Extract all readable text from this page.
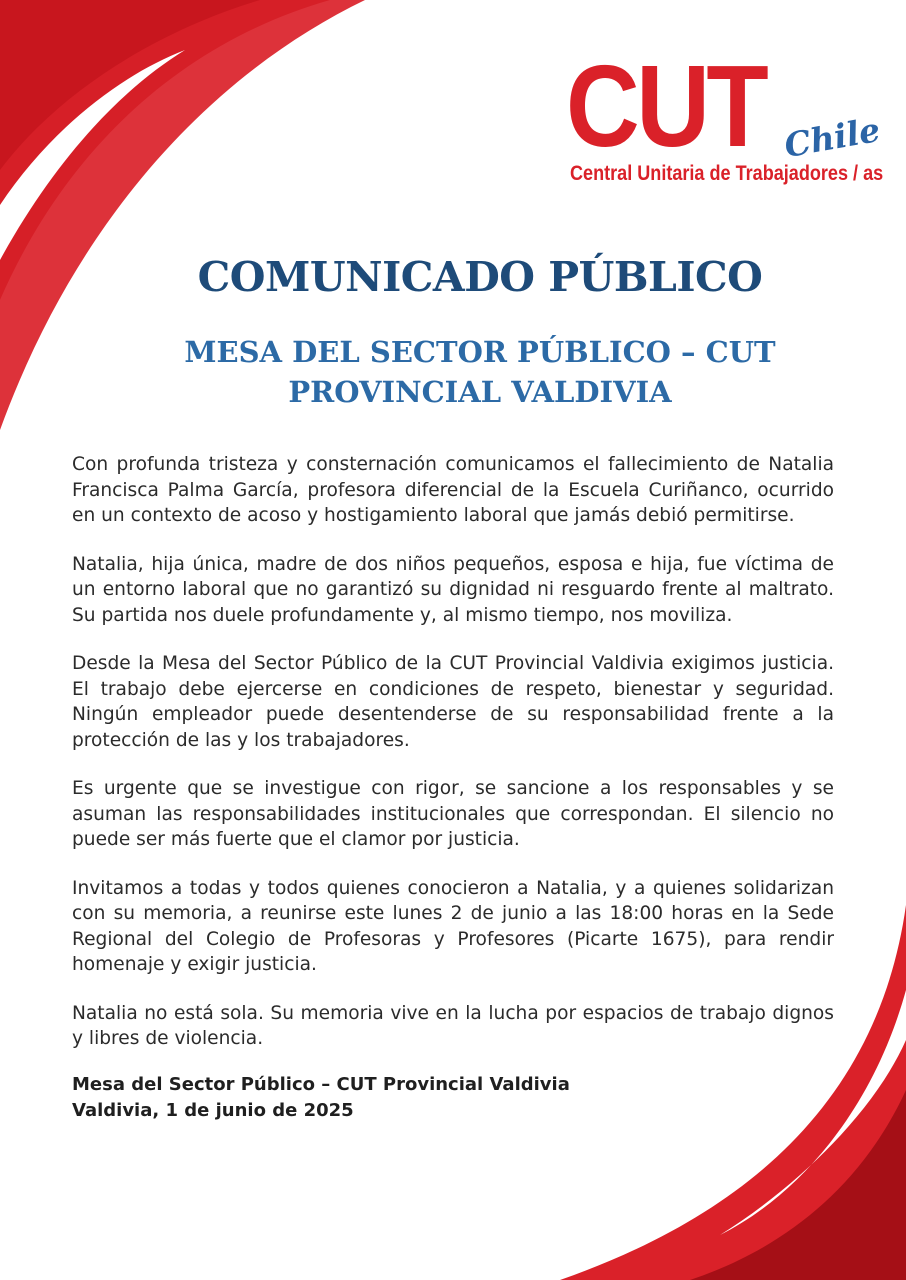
CUT Chile
Central Unitaria de Trabajadores / as
COMUNICADO PÚBLICO
MESA DEL SECTOR PÚBLICO – CUT
PROVINCIAL VALDIVIA

Con profunda tristeza y consternación comunicamos el fallecimiento de Natalia Francisca Palma García, profesora diferencial de la Escuela Curiñanco, ocurrido en un contexto de acoso y hostigamiento laboral que jamás debió permitirse.

Natalia, hija única, madre de dos niños pequeños, esposa e hija, fue víctima de un entorno laboral que no garantizó su dignidad ni resguardo frente al maltrato. Su partida nos duele profundamente y, al mismo tiempo, nos moviliza.

Desde la Mesa del Sector Público de la CUT Provincial Valdivia exigimos justicia. El trabajo debe ejercerse en condiciones de respeto, bienestar y seguridad. Ningún empleador puede desentenderse de su responsabilidad frente a la protección de las y los trabajadores.

Es urgente que se investigue con rigor, se sancione a los responsables y se asuman las responsabilidades institucionales que correspondan. El silencio no puede ser más fuerte que el clamor por justicia.

Invitamos a todas y todos quienes conocieron a Natalia, y a quienes solidarizan con su memoria, a reunirse este lunes 2 de junio a las 18:00 horas en la Sede Regional del Colegio de Profesoras y Profesores (Picarte 1675), para rendir homenaje y exigir justicia.

Natalia no está sola. Su memoria vive en la lucha por espacios de trabajo dignos y libres de violencia.

Mesa del Sector Público – CUT Provincial Valdivia
Valdivia, 1 de junio de 2025
